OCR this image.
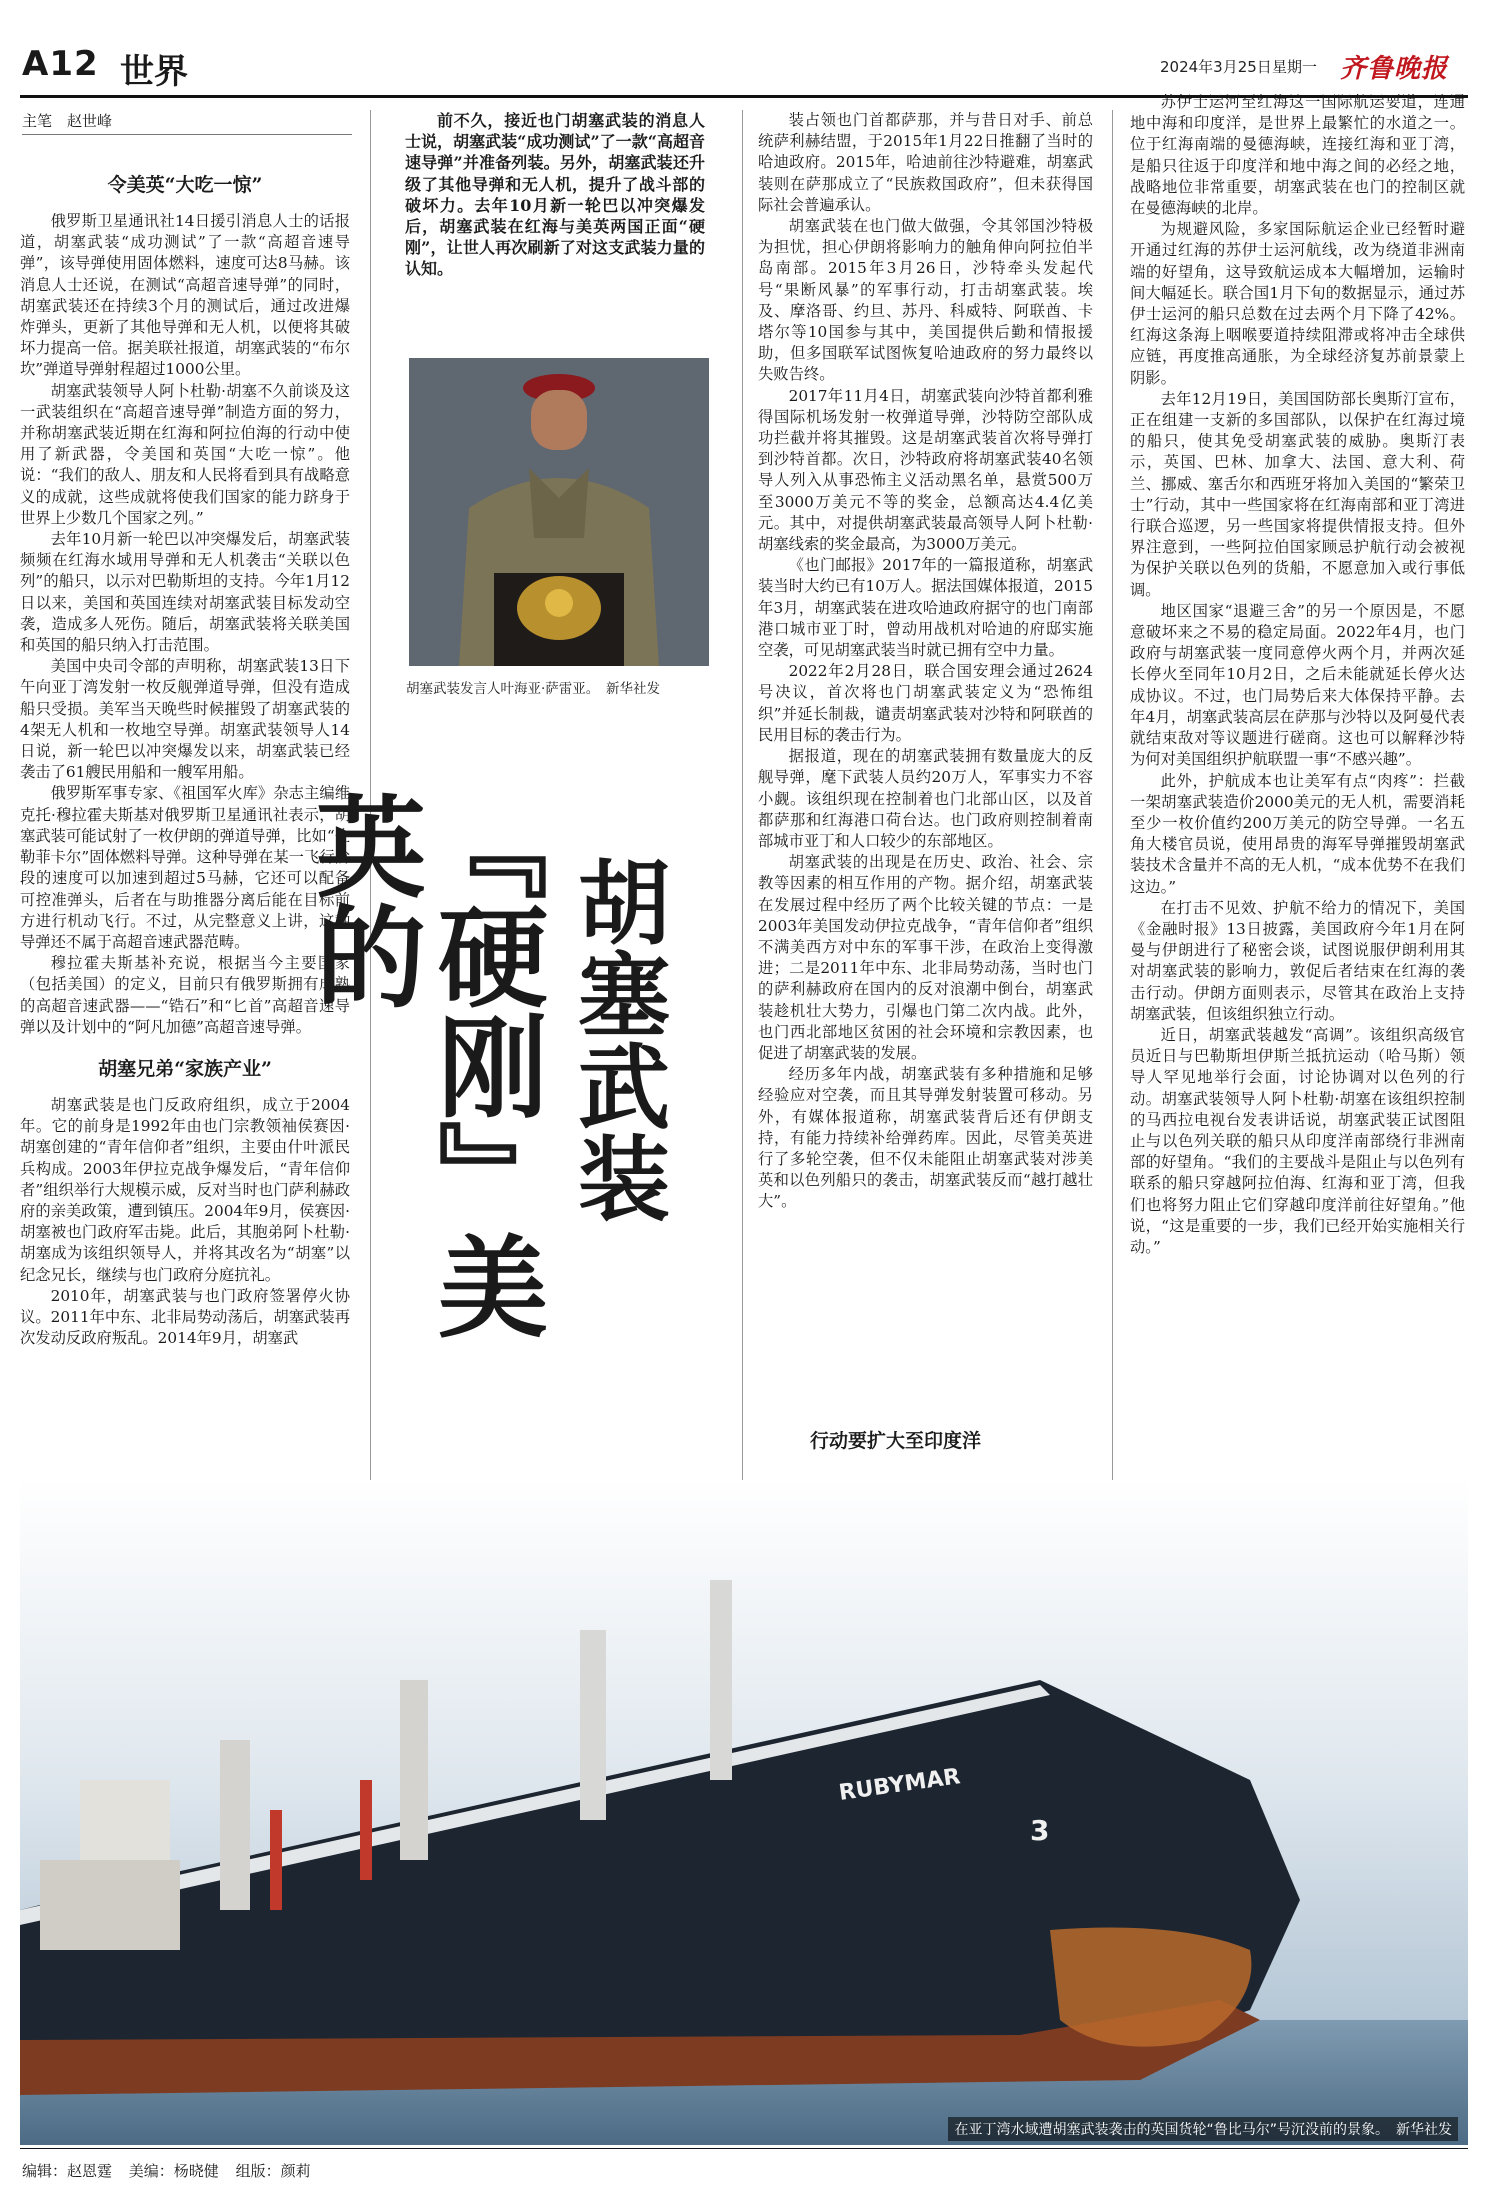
A12 世界	2024年3月25日 星期一 齐鲁晚报
主笔　赵世峰
令美英“大吃一惊”

俄罗斯卫星通讯社14日援引消息人士的话报道，胡塞武装“成功测试”了一款“高超音速导弹”，该导弹使用固体燃料，速度可达8马赫。该消息人士还说，在测试“高超音速导弹”的同时，胡塞武装还在持续3个月的测试后，通过改进爆炸弹头，更新了其他导弹和无人机，以便将其破坏力提高一倍。据美联社报道，胡塞武装的“布尔坎”弹道导弹射程超过1000公里。

胡塞武装领导人阿卜杜勒·胡塞不久前谈及这一武装组织在“高超音速导弹”制造方面的努力，并称胡塞武装近期在红海和阿拉伯海的行动中使用了新武器，令美国和英国“大吃一惊”。他说：“我们的敌人、朋友和人民将看到具有战略意义的成就，这些成就将使我们国家的能力跻身于世界上少数几个国家之列。”

去年10月新一轮巴以冲突爆发后，胡塞武装频频在红海水域用导弹和无人机袭击“关联以色列”的船只，以示对巴勒斯坦的支持。今年1月12日以来，美国和英国连续对胡塞武装目标发动空袭，造成多人死伤。随后，胡塞武装将关联美国和英国的船只纳入打击范围。

美国中央司令部的声明称，胡塞武装13日下午向亚丁湾发射一枚反舰弹道导弹，但没有造成船只受损。美军当天晚些时候摧毁了胡塞武装的4架无人机和一枚地空导弹。胡塞武装领导人14日说，新一轮巴以冲突爆发以来，胡塞武装已经袭击了61艘民用船和一艘军用船。

俄罗斯军事专家、《祖国军火库》杂志主编维克托·穆拉霍夫斯基对俄罗斯卫星通讯社表示，胡塞武装可能试射了一枚伊朗的弹道导弹，比如“佐勒菲卡尔”固体燃料导弹。这种导弹在某一飞行阶段的速度可以加速到超过5马赫，它还可以配备可控准弹头，后者在与助推器分离后能在目标前方进行机动飞行。不过，从完整意义上讲，这种导弹还不属于高超音速武器范畴。

穆拉霍夫斯基补充说，根据当今主要国家（包括美国）的定义，目前只有俄罗斯拥有成熟的高超音速武器——“锆石”和“匕首”高超音速导弹以及计划中的“阿凡加德”高超音速导弹。

胡塞兄弟“家族产业”

胡塞武装是也门反政府组织，成立于2004年。它的前身是1992年由也门宗教领袖侯赛因·胡塞创建的“青年信仰者”组织，主要由什叶派民兵构成。2003年伊拉克战争爆发后，“青年信仰者”组织举行大规模示威，反对当时也门萨利赫政府的亲美政策，遭到镇压。2004年9月，侯赛因·胡塞被也门政府军击毙。此后，其胞弟阿卜杜勒·胡塞成为该组织领导人，并将其改名为“胡塞”以纪念兄长，继续与也门政府分庭抗礼。

2010年，胡塞武装与也门政府签署停火协议。2011年中东、北非局势动荡后，胡塞武装再次发动反政府叛乱。2014年9月，胡塞武

前不久，接近也门胡塞武装的消息人士说，胡塞武装“成功测试”了一款“高超音速导弹”并准备列装。另外，胡塞武装还升级了其他导弹和无人机，提升了战斗部的破坏力。去年10月新一轮巴以冲突爆发后，胡塞武装在红海与美英两国正面“硬刚”，让世人再次刷新了对这支武装力量的认知。

胡塞武装发言人叶海亚·萨雷亚。　新华社发
『硬刚』美英的	胡塞武装

装占领也门首都萨那，并与昔日对手、前总统萨利赫结盟，于2015年1月22日推翻了当时的哈迪政府。2015年，哈迪前往沙特避难，胡塞武装则在萨那成立了“民族救国政府”，但未获得国际社会普遍承认。

胡塞武装在也门做大做强，令其邻国沙特极为担忧，担心伊朗将影响力的触角伸向阿拉伯半岛南部。2015年3月26日，沙特牵头发起代号“果断风暴”的军事行动，打击胡塞武装。埃及、摩洛哥、约旦、苏丹、科威特、阿联酋、卡塔尔等10国参与其中，美国提供后勤和情报援助，但多国联军试图恢复哈迪政府的努力最终以失败告终。

2017年11月4日，胡塞武装向沙特首都利雅得国际机场发射一枚弹道导弹，沙特防空部队成功拦截并将其摧毁。这是胡塞武装首次将导弹打到沙特首都。次日，沙特政府将胡塞武装40名领导人列入从事恐怖主义活动黑名单，悬赏500万至3000万美元不等的奖金，总额高达4.4亿美元。其中，对提供胡塞武装最高领导人阿卜杜勒·胡塞线索的奖金最高，为3000万美元。

《也门邮报》2017年的一篇报道称，胡塞武装当时大约已有10万人。据法国媒体报道，2015年3月，胡塞武装在进攻哈迪政府据守的也门南部港口城市亚丁时，曾动用战机对哈迪的府邸实施空袭，可见胡塞武装当时就已拥有空中力量。

2022年2月28日，联合国安理会通过2624号决议，首次将也门胡塞武装定义为“恐怖组织”并延长制裁，谴责胡塞武装对沙特和阿联酋的民用目标的袭击行为。

据报道，现在的胡塞武装拥有数量庞大的反舰导弹，麾下武装人员约20万人，军事实力不容小觑。该组织现在控制着也门北部山区，以及首都萨那和红海港口荷台达。也门政府则控制着南部城市亚丁和人口较少的东部地区。

胡塞武装的出现是在历史、政治、社会、宗教等因素的相互作用的产物。据介绍，胡塞武装在发展过程中经历了两个比较关键的节点：一是2003年美国发动伊拉克战争，“青年信仰者”组织不满美西方对中东的军事干涉，在政治上变得激进；二是2011年中东、北非局势动荡，当时也门的萨利赫政府在国内的反对浪潮中倒台，胡塞武装趁机壮大势力，引爆也门第二次内战。此外，也门西北部地区贫困的社会环境和宗教因素，也促进了胡塞武装的发展。

经历多年内战，胡塞武装有多种措施和足够经验应对空袭，而且其导弹发射装置可移动。另外，有媒体报道称，胡塞武装背后还有伊朗支持，有能力持续补给弹药库。因此，尽管美英进行了多轮空袭，但不仅未能阻止胡塞武装对涉美英和以色列船只的袭击，胡塞武装反而“越打越壮大”。

行动要扩大至印度洋

苏伊士运河至红海这一国际航运要道，连通地中海和印度洋，是世界上最繁忙的水道之一。位于红海南端的曼德海峡，连接红海和亚丁湾，是船只往返于印度洋和地中海之间的必经之地，战略地位非常重要，胡塞武装在也门的控制区就在曼德海峡的北岸。

为规避风险，多家国际航运企业已经暂时避开通过红海的苏伊士运河航线，改为绕道非洲南端的好望角，这导致航运成本大幅增加，运输时间大幅延长。联合国1月下旬的数据显示，通过苏伊士运河的船只总数在过去两个月下降了42%。红海这条海上咽喉要道持续阻滞或将冲击全球供应链，再度推高通胀，为全球经济复苏前景蒙上阴影。

去年12月19日，美国国防部长奥斯汀宣布，正在组建一支新的多国部队，以保护在红海过境的船只，使其免受胡塞武装的威胁。奥斯汀表示，英国、巴林、加拿大、法国、意大利、荷兰、挪威、塞舌尔和西班牙将加入美国的“繁荣卫士”行动，其中一些国家将在红海南部和亚丁湾进行联合巡逻，另一些国家将提供情报支持。但外界注意到，一些阿拉伯国家顾忌护航行动会被视为保护关联以色列的货船，不愿意加入或行事低调。

地区国家“退避三舍”的另一个原因是，不愿意破坏来之不易的稳定局面。2022年4月，也门政府与胡塞武装一度同意停火两个月，并两次延长停火至同年10月2日，之后未能就延长停火达成协议。不过，也门局势后来大体保持平静。去年4月，胡塞武装高层在萨那与沙特以及阿曼代表就结束敌对等议题进行磋商。这也可以解释沙特为何对美国组织护航联盟一事“不感兴趣”。

此外，护航成本也让美军有点“肉疼”：拦截一架胡塞武装造价2000美元的无人机，需要消耗至少一枚价值约200万美元的防空导弹。一名五角大楼官员说，使用昂贵的海军导弹摧毁胡塞武装技术含量并不高的无人机，“成本优势不在我们这边。”

在打击不见效、护航不给力的情况下，美国《金融时报》13日披露，美国政府今年1月在阿曼与伊朗进行了秘密会谈，试图说服伊朗利用其对胡塞武装的影响力，敦促后者结束在红海的袭击行动。伊朗方面则表示，尽管其在政治上支持胡塞武装，但该组织独立行动。

近日，胡塞武装越发“高调”。该组织高级官员近日与巴勒斯坦伊斯兰抵抗运动（哈马斯）领导人罕见地举行会面，讨论协调对以色列的行动。胡塞武装领导人阿卜杜勒·胡塞在该组织控制的马西拉电视台发表讲话说，胡塞武装正试图阻止与以色列关联的船只从印度洋南部绕行非洲南部的好望角。“我们的主要战斗是阻止与以色列有联系的船只穿越阿拉伯海、红海和亚丁湾，但我们也将努力阻止它们穿越印度洋前往好望角。”他说，“这是重要的一步，我们已经开始实施相关行动。”

RUBYMAR
3
在亚丁湾水域遭胡塞武装袭击的英国货轮“鲁比马尔”号沉没前的景象。　新华社发
编辑：赵恩霆 美编：杨晓健 组版：颜莉
